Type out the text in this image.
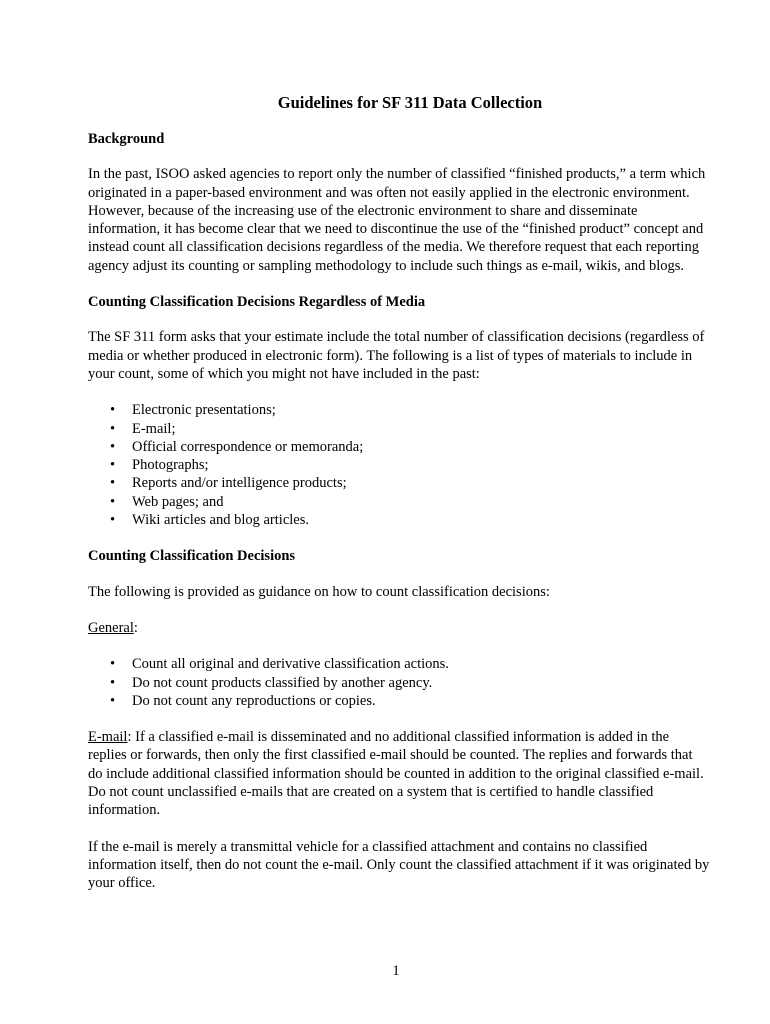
Guidelines for SF 311 Data Collection
Background

In the past, ISOO asked agencies to report only the number of classified “finished products,” a term which originated in a paper-based environment and was often not easily applied in the electronic environment. However, because of the increasing use of the electronic environment to share and disseminate information, it has become clear that we need to discontinue the use of the “finished product” concept and instead count all classification decisions regardless of the media. We therefore request that each reporting agency adjust its counting or sampling methodology to include such things as e-mail, wikis, and blogs.

Counting Classification Decisions Regardless of Media

The SF 311 form asks that your estimate include the total number of classification decisions (regardless of media or whether produced in electronic form). The following is a list of types of materials to include in your count, some of which you might not have included in the past:

• Electronic presentations;
• E-mail;
• Official correspondence or memoranda;
• Photographs;
• Reports and/or intelligence products;
• Web pages; and
• Wiki articles and blog articles.
Counting Classification Decisions

The following is provided as guidance on how to count classification decisions:

General:

• Count all original and derivative classification actions.
• Do not count products classified by another agency.
• Do not count any reproductions or copies.

E-mail: If a classified e-mail is disseminated and no additional classified information is added in the replies or forwards, then only the first classified e-mail should be counted. The replies and forwards that do include additional classified information should be counted in addition to the original classified e-mail. Do not count unclassified e-mails that are created on a system that is certified to handle classified information.

If the e-mail is merely a transmittal vehicle for a classified attachment and contains no classified information itself, then do not count the e-mail. Only count the classified attachment if it was originated by your office.

1
